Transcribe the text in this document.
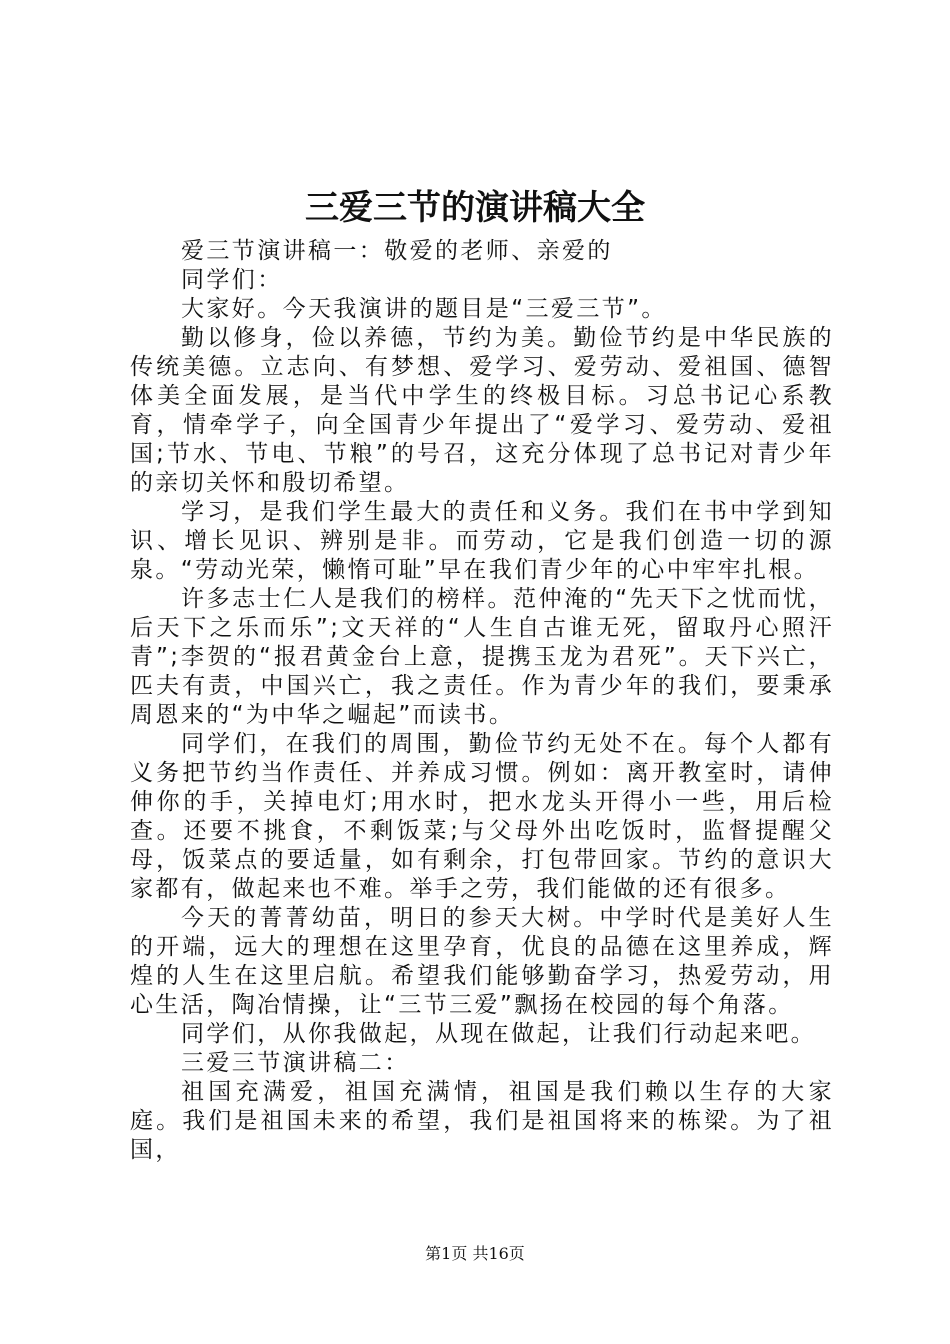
三爱三节的演讲稿大全

爱三节演讲稿一：敬爱的老师、亲爱的

同学们：

大家好。今天我演讲的题目是“三爱三节”。

勤以修身，俭以养德，节约为美。勤俭节约是中华民族的传统美德。立志向、有梦想、爱学习、爱劳动、爱祖国、德智体美全面发展，是当代中学生的终极目标。习总书记心系教育，情牵学子，向全国青少年提出了“爱学习、爱劳动、爱祖国;节水、节电、节粮”的号召，这充分体现了总书记对青少年的亲切关怀和殷切希望。

学习，是我们学生最大的责任和义务。我们在书中学到知识、增长见识、辨别是非。而劳动，它是我们创造一切的源泉。“劳动光荣，懒惰可耻”早在我们青少年的心中牢牢扎根。

许多志士仁人是我们的榜样。范仲淹的“先天下之忧而忧，后天下之乐而乐”;文天祥的“人生自古谁无死，留取丹心照汗青”;李贺的“报君黄金台上意，提携玉龙为君死”。天下兴亡，匹夫有责，中国兴亡，我之责任。作为青少年的我们，要秉承周恩来的“为中华之崛起”而读书。

同学们，在我们的周围，勤俭节约无处不在。每个人都有义务把节约当作责任、并养成习惯。例如：离开教室时，请伸伸你的手，关掉电灯;用水时，把水龙头开得小一些，用后检查。还要不挑食，不剩饭菜;与父母外出吃饭时，监督提醒父母，饭菜点的要适量，如有剩余，打包带回家。节约的意识大家都有，做起来也不难。举手之劳，我们能做的还有很多。

今天的菁菁幼苗，明日的参天大树。中学时代是美好人生的开端，远大的理想在这里孕育，优良的品德在这里养成，辉煌的人生在这里启航。希望我们能够勤奋学习，热爱劳动，用心生活，陶冶情操，让“三节三爱”飘扬在校园的每个角落。

同学们，从你我做起，从现在做起，让我们行动起来吧。

三爱三节演讲稿二：

祖国充满爱，祖国充满情，祖国是我们赖以生存的大家庭。我们是祖国未来的希望，我们是祖国将来的栋梁。为了祖国，

第1页 共16页
